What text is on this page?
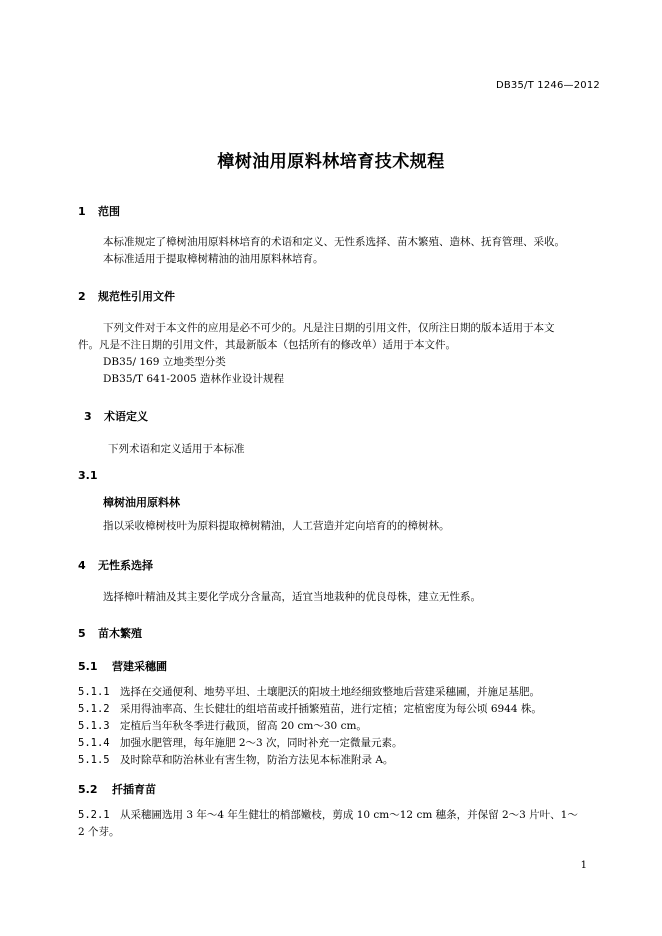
DB35/T 1246—2012
樟树油用原料林培育技术规程
1 范围
本标准规定了樟树油用原料林培育的术语和定义、无性系选择、苗木繁殖、造林、抚育管理、采收。
本标准适用于提取樟树精油的油用原料林培育。
2 规范性引用文件
下列文件对于本文件的应用是必不可少的。凡是注日期的引用文件，仅所注日期的版本适用于本文
件。凡是不注日期的引用文件，其最新版本（包括所有的修改单）适用于本文件。
DB35/ 169 立地类型分类
DB35/T 641-2005 造林作业设计规程
3 术语定义
下列术语和定义适用于本标准
3.1
樟树油用原料林
指以采收樟树枝叶为原料提取樟树精油，人工营造并定向培育的的樟树林。
4 无性系选择
选择樟叶精油及其主要化学成分含量高，适宜当地栽种的优良母株，建立无性系。
5 苗木繁殖
5.1 营建采穗圃
5.1.1 选择在交通便利、地势平坦、土壤肥沃的阳坡土地经细致整地后营建采穗圃，并施足基肥。
5.1.2 采用得油率高、生长健壮的组培苗或扦插繁殖苗，进行定植；定植密度为每公顷 6944 株。
5.1.3 定植后当年秋冬季进行截顶，留高 20 cm～30 cm。
5.1.4 加强水肥管理，每年施肥 2～3 次，同时补充一定微量元素。
5.1.5 及时除草和防治林业有害生物，防治方法见本标准附录 A。
5.2 扦插育苗
5.2.1 从采穗圃选用 3 年～4 年生健壮的梢部嫩枝，剪成 10 cm～12 cm 穗条，并保留 2～3 片叶、1～
2 个芽。
1
